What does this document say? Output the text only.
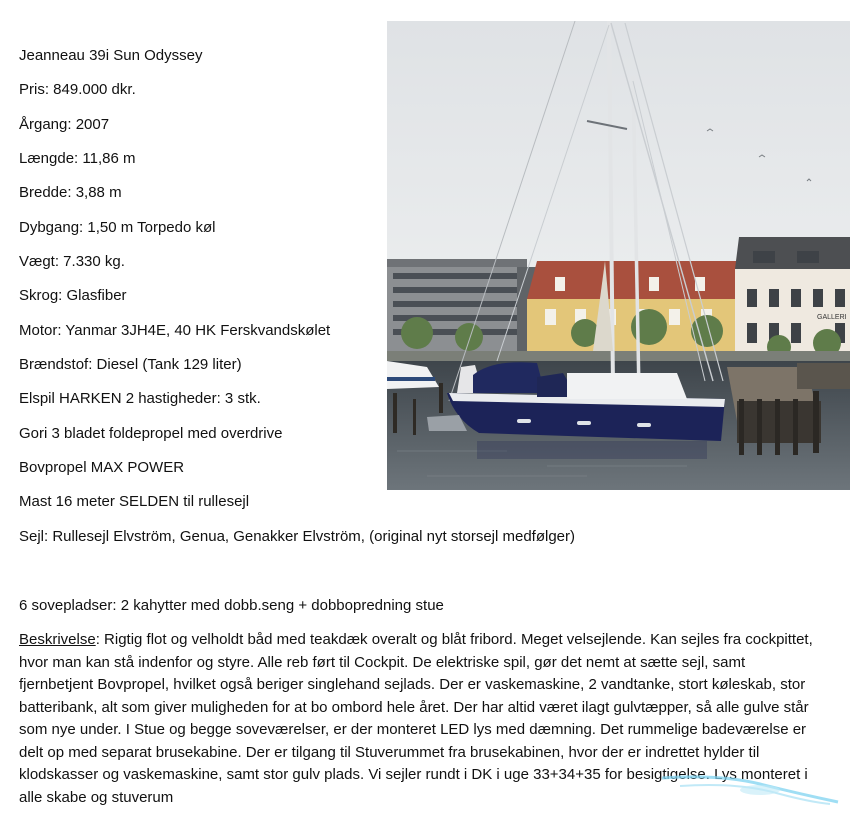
Jeanneau 39i Sun Odyssey

Pris: 849.000 dkr.

Årgang: 2007

Længde: 11,86 m

Bredde: 3,88 m

Dybgang: 1,50 m Torpedo køl

Vægt: 7.330 kg.

Skrog: Glasfiber

Motor: Yanmar 3JH4E, 40 HK Ferskvandskølet

Brændstof: Diesel (Tank 129 liter)

Elspil HARKEN 2 hastigheder: 3 stk.

Gori 3 bladet foldepropel med overdrive

Bovpropel MAX POWER

Mast 16 meter SELDEN til rullesejl

Sejl: Rullesejl Elvström, Genua, Genakker Elvström, (original nyt storsejl medfølger)

6 sovepladser: 2 kahytter med dobb.seng + dobbopredning stue

Beskrivelse: Rigtig flot og velholdt båd med teakdæk overalt og blåt fribord. Meget velsejlende. Kan sejles fra cockpittet, hvor man kan stå indenfor og styre. Alle reb ført til Cockpit. De elektriske spil, gør det nemt at sætte sejl, samt fjernbetjent Bovpropel, hvilket også beriger singlehand sejlads. Der er vaskemaskine, 2 vandtanke, stort køleskab, stor batteribank, alt som giver muligheden for at bo ombord hele året. Der har altid været ilagt gulvtæpper, så alle gulve står som nye under. I Stue og begge soveværelser, er der monteret LED lys med dæmning. Det rummelige badeværelse er delt op med separat brusekabine. Der er tilgang til Stuverummet fra brusekabinen, hvor der er indrettet hylder til klodskasser og vaskemaskine, samt stor gulv plads. Vi sejler rundt i DK i uge 33+34+35 for besigtigelse. Lys monteret i alle skabe og stuverum

GALLERI
